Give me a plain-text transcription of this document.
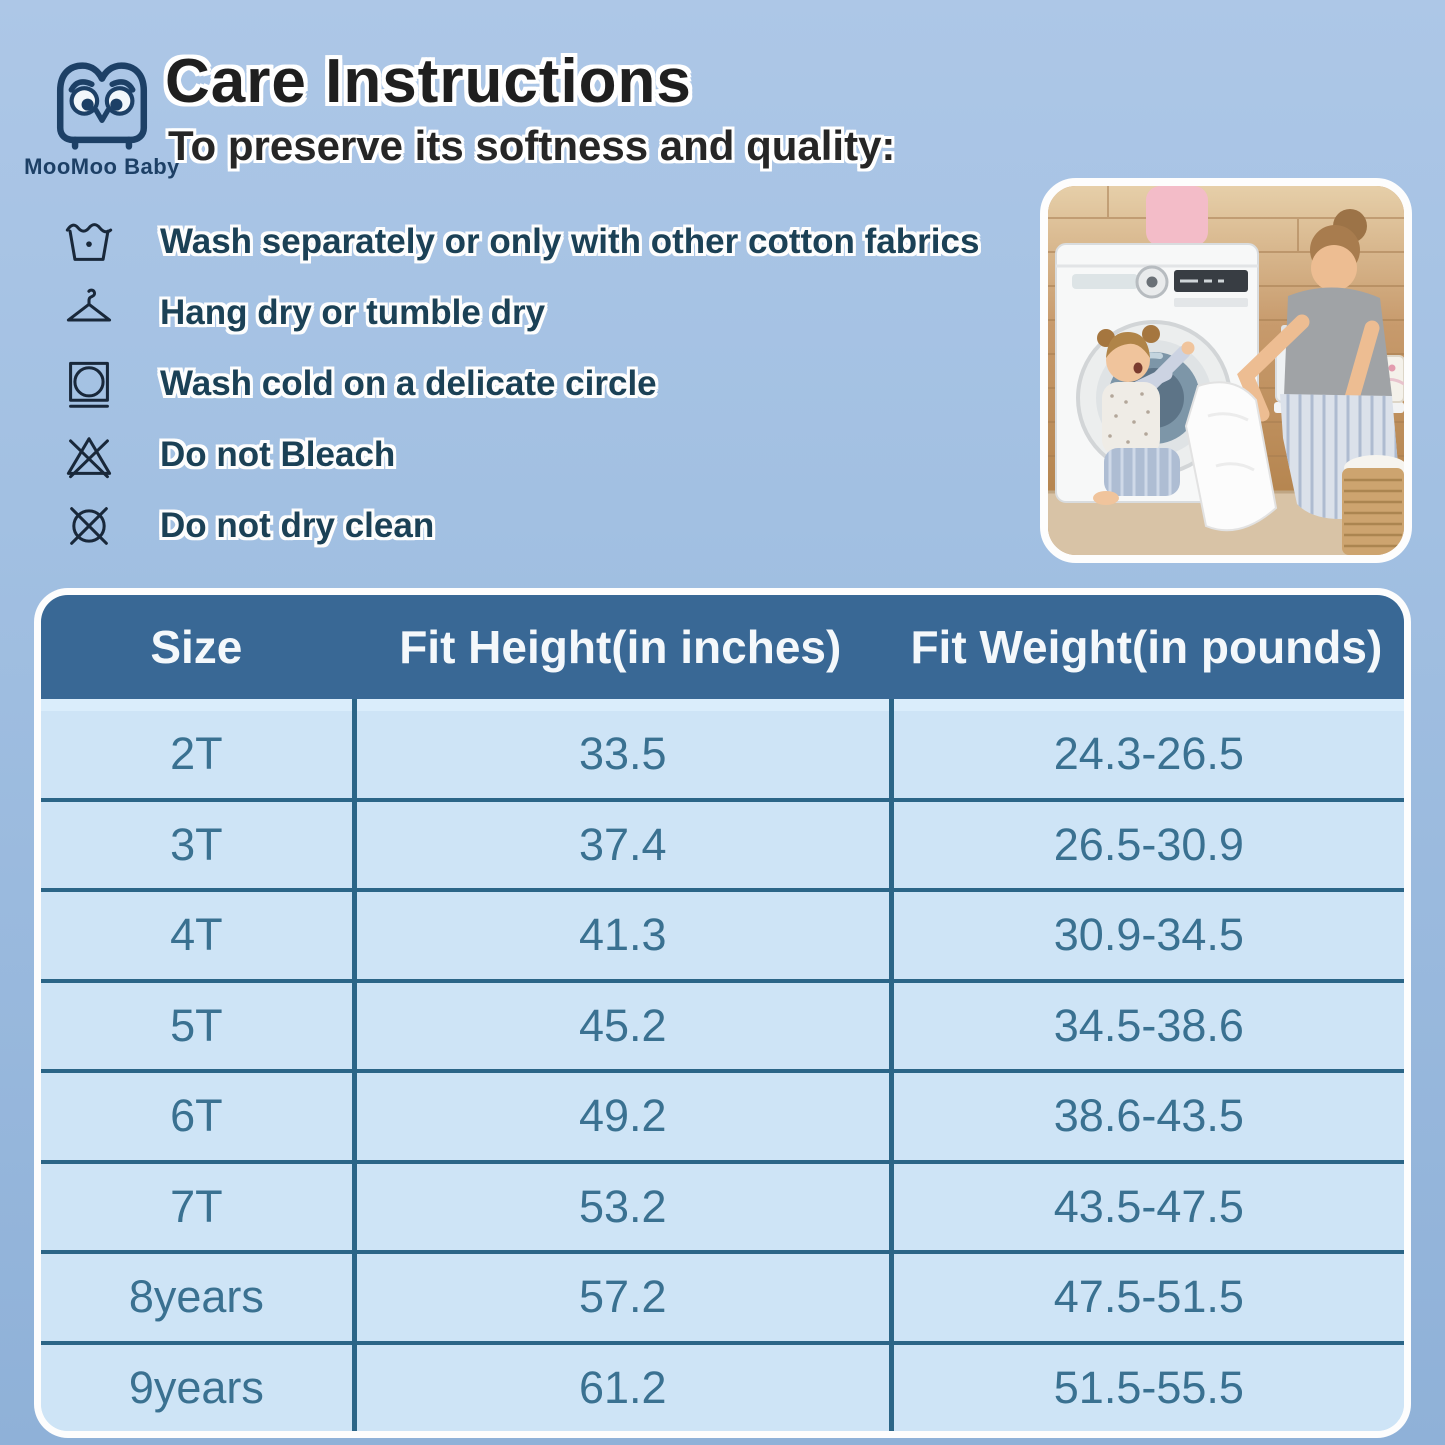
MooMoo Baby
Care Instructions
To preserve its softness and quality:
Wash separately or only with other cotton fabrics
Hang dry or tumble dry
Wash cold on a delicate circle
Do not Bleach
Do not dry clean
Size	Fit Height(in inches)	Fit Weight(in pounds)
2T	33.5	24.3-26.5
3T	37.4	26.5-30.9
4T	41.3	30.9-34.5
5T	45.2	34.5-38.6
6T	49.2	38.6-43.5
7T	53.2	43.5-47.5
8years	57.2	47.5-51.5
9years	61.2	51.5-55.5
